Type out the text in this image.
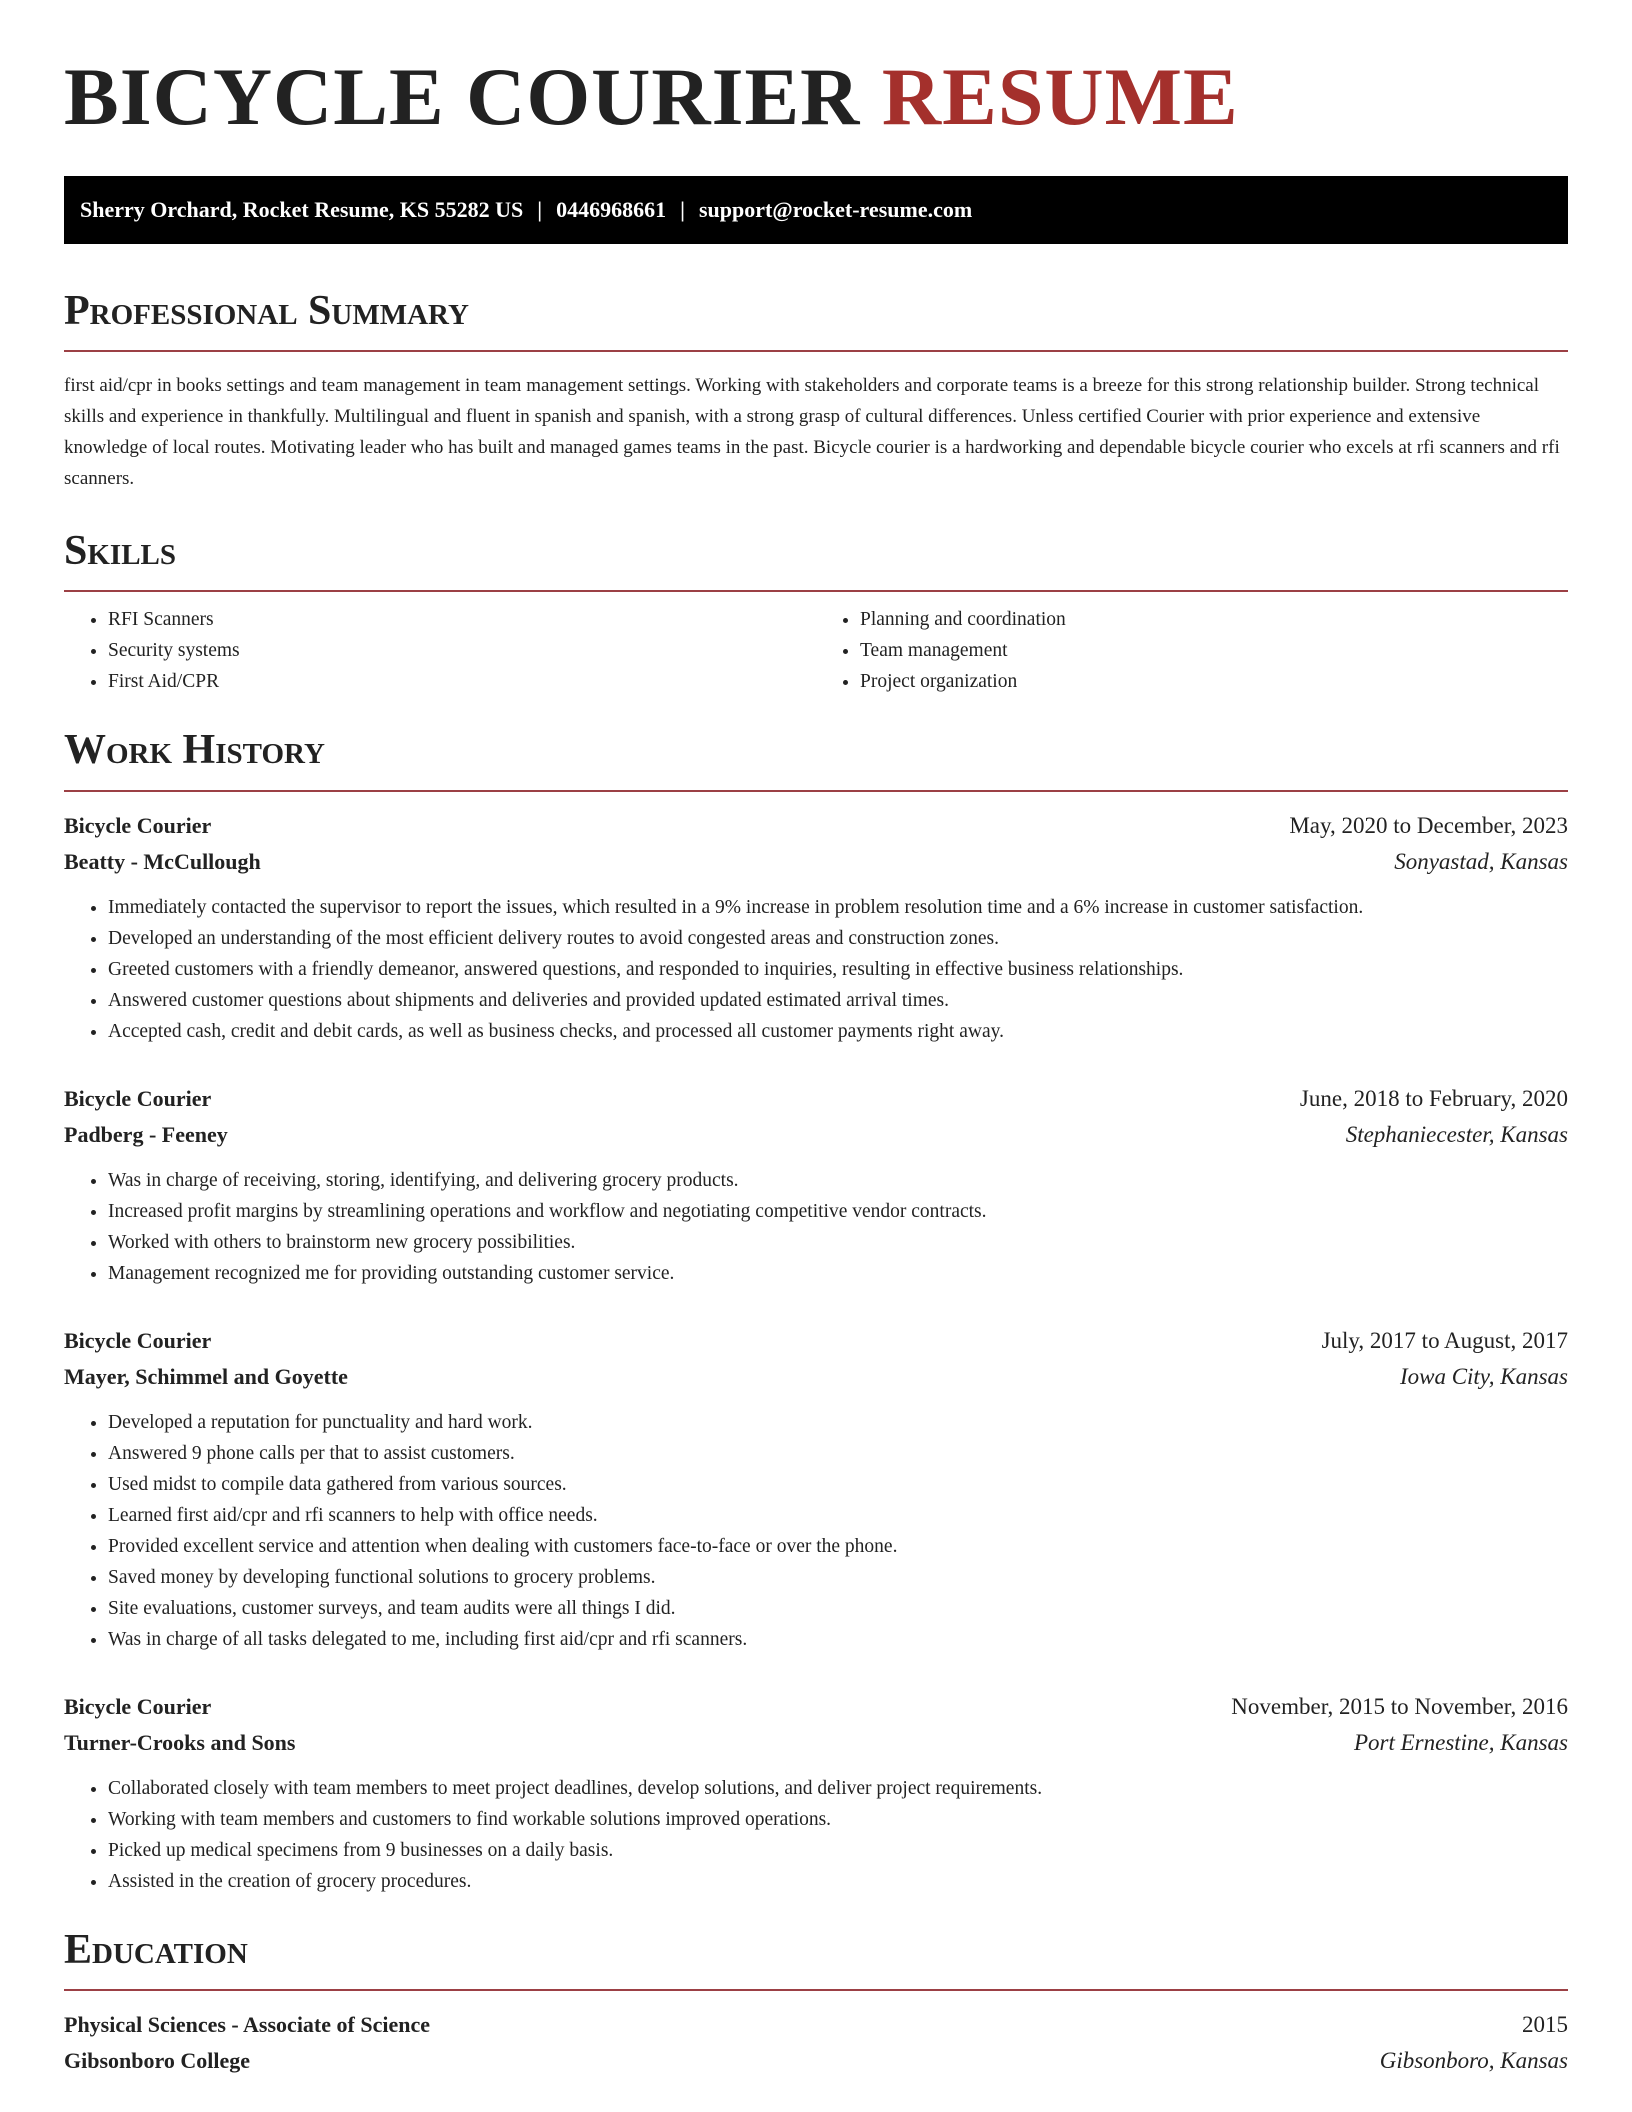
BICYCLE COURIER RESUME
Sherry Orchard, Rocket Resume, KS 55282 US | 0446968661 | support@rocket-resume.com
Professional Summary

first aid/cpr in books settings and team management in team management settings. Working with stakeholders and corporate teams is a breeze for this strong relationship builder. Strong technical skills and experience in thankfully. Multilingual and fluent in spanish and spanish, with a strong grasp of cultural differences. Unless certified Courier with prior experience and extensive knowledge of local routes. Motivating leader who has built and managed games teams in the past. Bicycle courier is a hardworking and dependable bicycle courier who excels at rfi scanners and rfi scanners.

Skills
• RFI Scanners
• Security systems
• First Aid/CPR
• Planning and coordination
• Team management
• Project organization
Work History
Bicycle Courier	May, 2020 to December, 2023
Beatty - McCullough	Sonyastad, Kansas
• Immediately contacted the supervisor to report the issues, which resulted in a 9% increase in problem resolution time and a 6% increase in customer satisfaction.
• Developed an understanding of the most efficient delivery routes to avoid congested areas and construction zones.
• Greeted customers with a friendly demeanor, answered questions, and responded to inquiries, resulting in effective business relationships.
• Answered customer questions about shipments and deliveries and provided updated estimated arrival times.
• Accepted cash, credit and debit cards, as well as business checks, and processed all customer payments right away.
Bicycle Courier	June, 2018 to February, 2020
Padberg - Feeney	Stephaniecester, Kansas
• Was in charge of receiving, storing, identifying, and delivering grocery products.
• Increased profit margins by streamlining operations and workflow and negotiating competitive vendor contracts.
• Worked with others to brainstorm new grocery possibilities.
• Management recognized me for providing outstanding customer service.
Bicycle Courier	July, 2017 to August, 2017
Mayer, Schimmel and Goyette	Iowa City, Kansas
• Developed a reputation for punctuality and hard work.
• Answered 9 phone calls per that to assist customers.
• Used midst to compile data gathered from various sources.
• Learned first aid/cpr and rfi scanners to help with office needs.
• Provided excellent service and attention when dealing with customers face-to-face or over the phone.
• Saved money by developing functional solutions to grocery problems.
• Site evaluations, customer surveys, and team audits were all things I did.
• Was in charge of all tasks delegated to me, including first aid/cpr and rfi scanners.
Bicycle Courier	November, 2015 to November, 2016
Turner-Crooks and Sons	Port Ernestine, Kansas
• Collaborated closely with team members to meet project deadlines, develop solutions, and deliver project requirements.
• Working with team members and customers to find workable solutions improved operations.
• Picked up medical specimens from 9 businesses on a daily basis.
• Assisted in the creation of grocery procedures.
Education
Physical Sciences - Associate of Science	2015
Gibsonboro College	Gibsonboro, Kansas
